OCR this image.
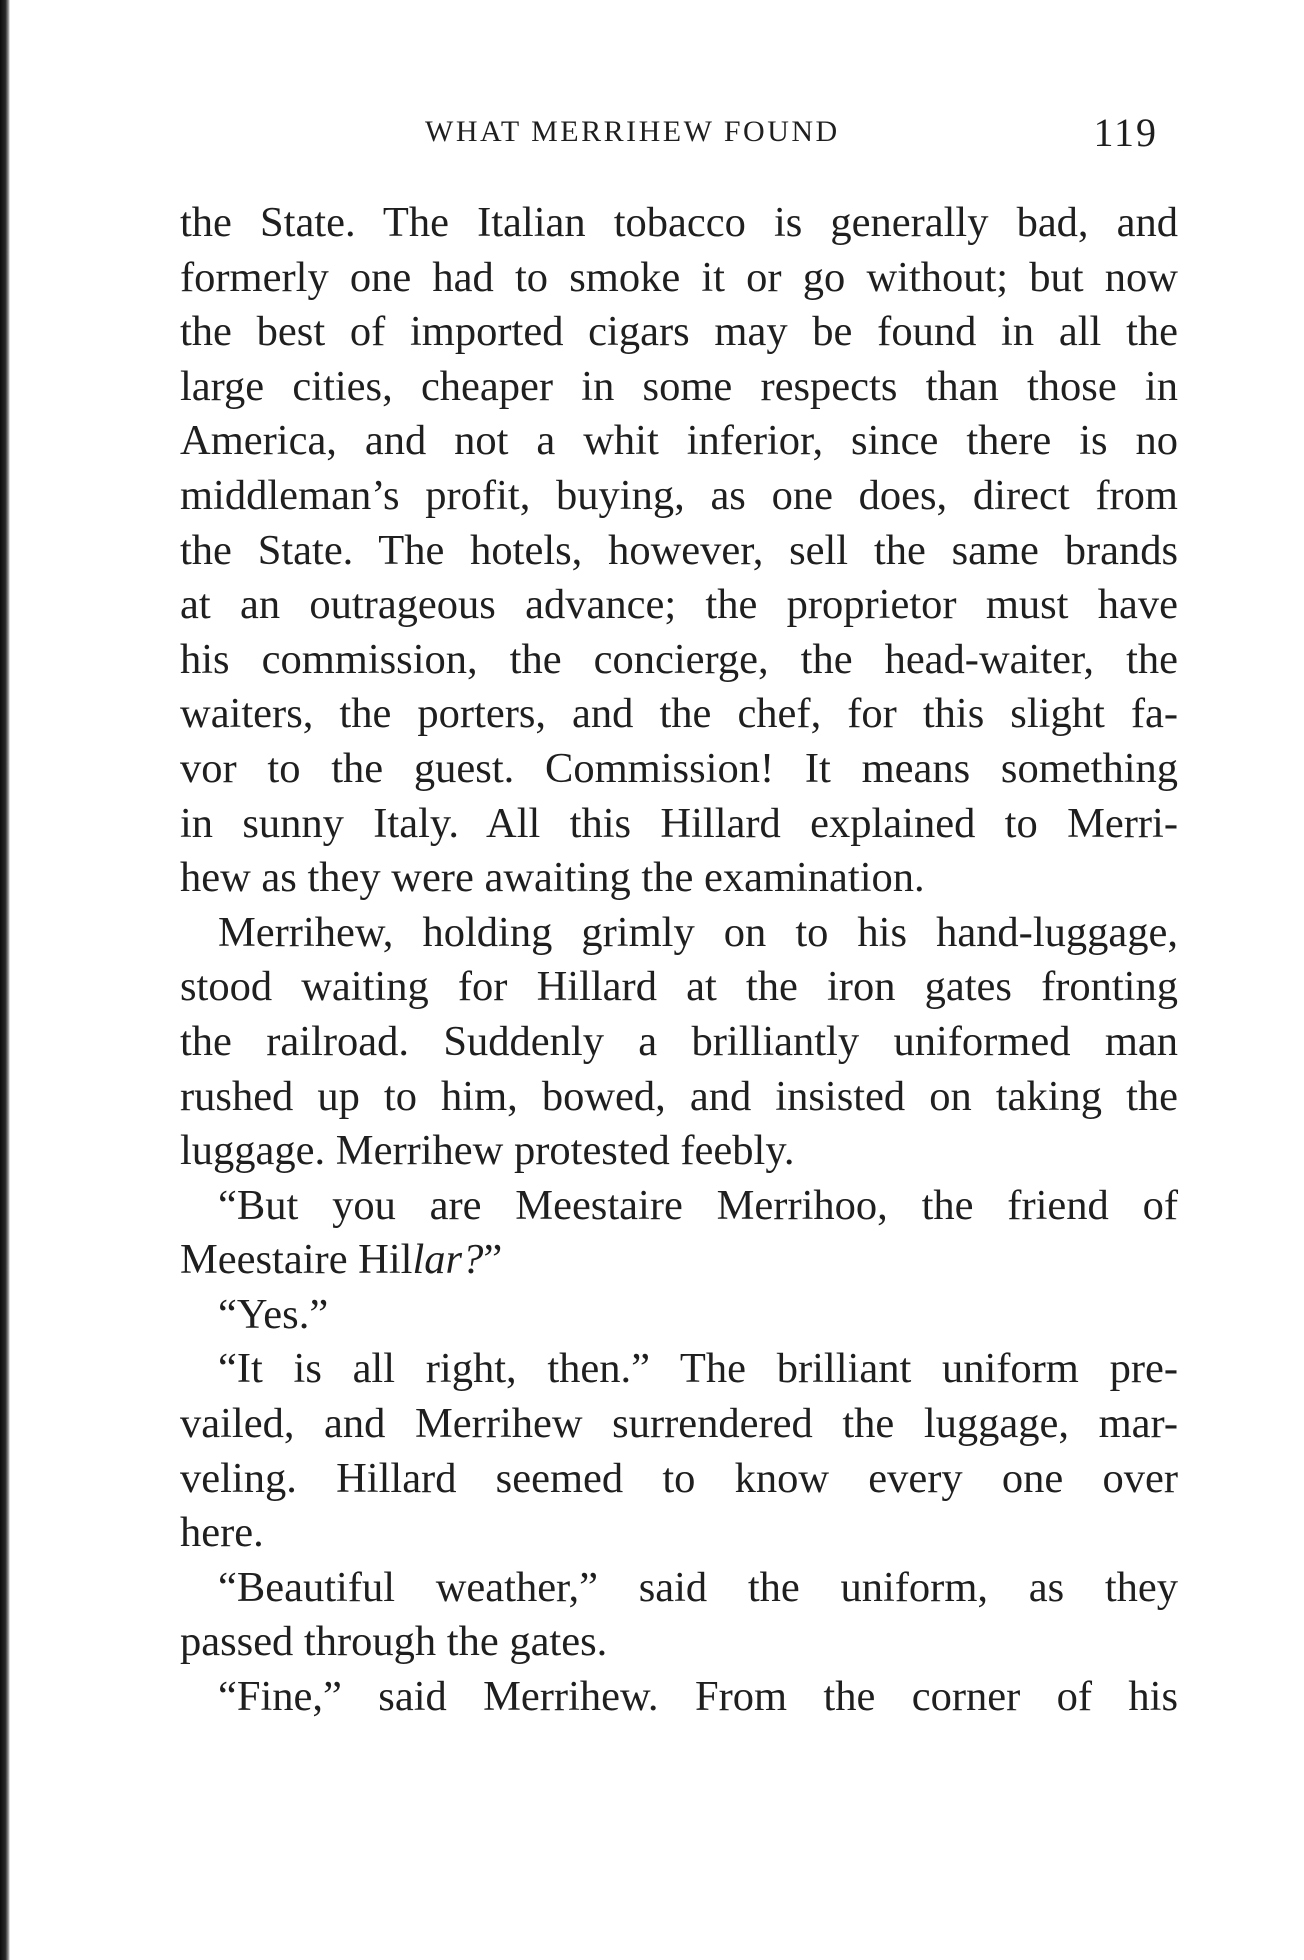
WHAT MERRIHEW FOUND	119
the State. The Italian tobacco is generally bad, and
formerly one had to smoke it or go without; but now
the best of imported cigars may be found in all the
large cities, cheaper in some respects than those in
America, and not a whit inferior, since there is no
middleman’s profit, buying, as one does, direct from
the State. The hotels, however, sell the same brands
at an outrageous advance; the proprietor must have
his commission, the concierge, the head-waiter, the
waiters, the porters, and the chef, for this slight fa-
vor to the guest. Commission! It means something
in sunny Italy. All this Hillard explained to Merri-
hew as they were awaiting the examination.
Merrihew, holding grimly on to his hand-luggage,
stood waiting for Hillard at the iron gates fronting
the railroad. Suddenly a brilliantly uniformed man
rushed up to him, bowed, and insisted on taking the
luggage. Merrihew protested feebly.
“But you are Meestaire Merrihoo, the friend of
Meestaire Hillar?”
“Yes.”
“It is all right, then.” The brilliant uniform pre-
vailed, and Merrihew surrendered the luggage, mar-
veling. Hillard seemed to know every one over
here.
“Beautiful weather,” said the uniform, as they
passed through the gates.
“Fine,” said Merrihew. From the corner of his
